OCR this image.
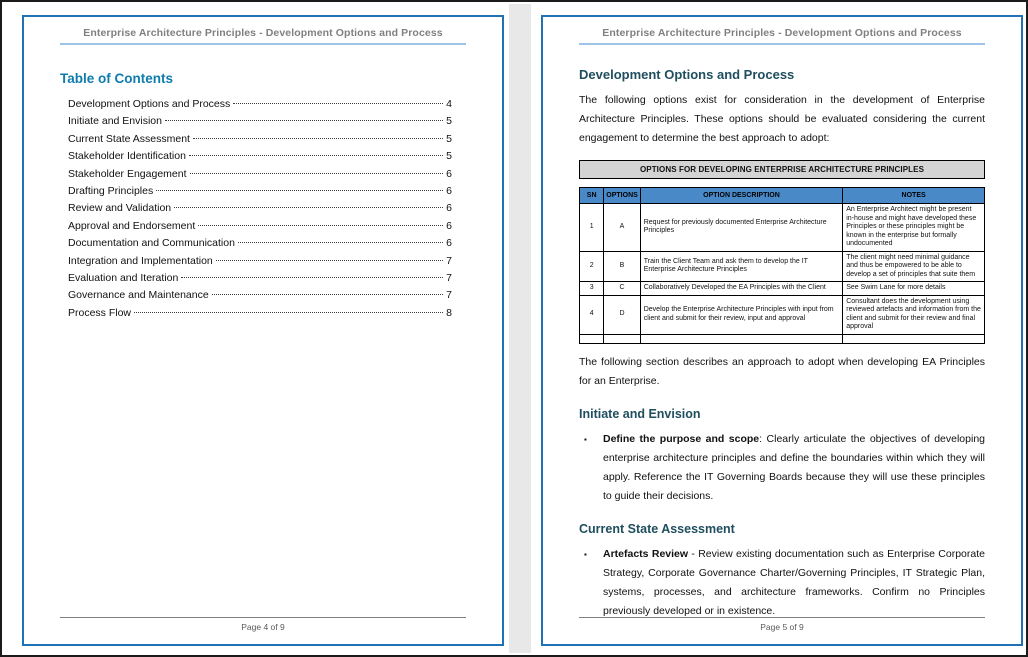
Enterprise Architecture Principles - Development Options and Process
Table of Contents
Development Options and Process	4
Initiate and Envision	5
Current State Assessment	5
Stakeholder Identification	5
Stakeholder Engagement	6
Drafting Principles	6
Review and Validation	6
Approval and Endorsement	6
Documentation and Communication	6
Integration and Implementation	7
Evaluation and Iteration	7
Governance and Maintenance	7
Process Flow	8
Page 4 of 9
Enterprise Architecture Principles - Development Options and Process
Development Options and Process
The following options exist for consideration in the development of Enterprise Architecture Principles. These options should be evaluated considering the current engagement to determine the best approach to adopt:
OPTIONS FOR DEVELOPING ENTERPRISE ARCHITECTURE PRINCIPLES
SN	OPTIONS	OPTION DESCRIPTION	NOTES
1	A	Request for previously documented Enterprise Architecture Principles	An Enterprise Architect might be present in-house and might have developed these Principles or these principles might be known in the enterprise but formally undocumented
2	B	Train the Client Team and ask them to develop the IT Enterprise Architecture Principles	The client might need minimal guidance and thus be empowered to be able to develop a set of principles that suite them
3	C	Collaboratively Developed the EA Principles with the Client	See Swim Lane for more details
4	D	Develop the Enterprise Architecture Principles with input from client and submit for their review, input and approval	Consultant does the development using reviewed artefacts and information from the client and submit for their review and final approval

The following section describes an approach to adopt when developing EA Principles for an Enterprise.
Initiate and Envision
▪	Define the purpose and scope: Clearly articulate the objectives of developing enterprise architecture principles and define the boundaries within which they will apply. Reference the IT Governing Boards because they will use these principles to guide their decisions.
Current State Assessment
▪	Artefacts Review - Review existing documentation such as Enterprise Corporate Strategy, Corporate Governance Charter/Governing Principles, IT Strategic Plan, systems, processes, and architecture frameworks. Confirm no Principles previously developed or in existence.
Page 5 of 9
